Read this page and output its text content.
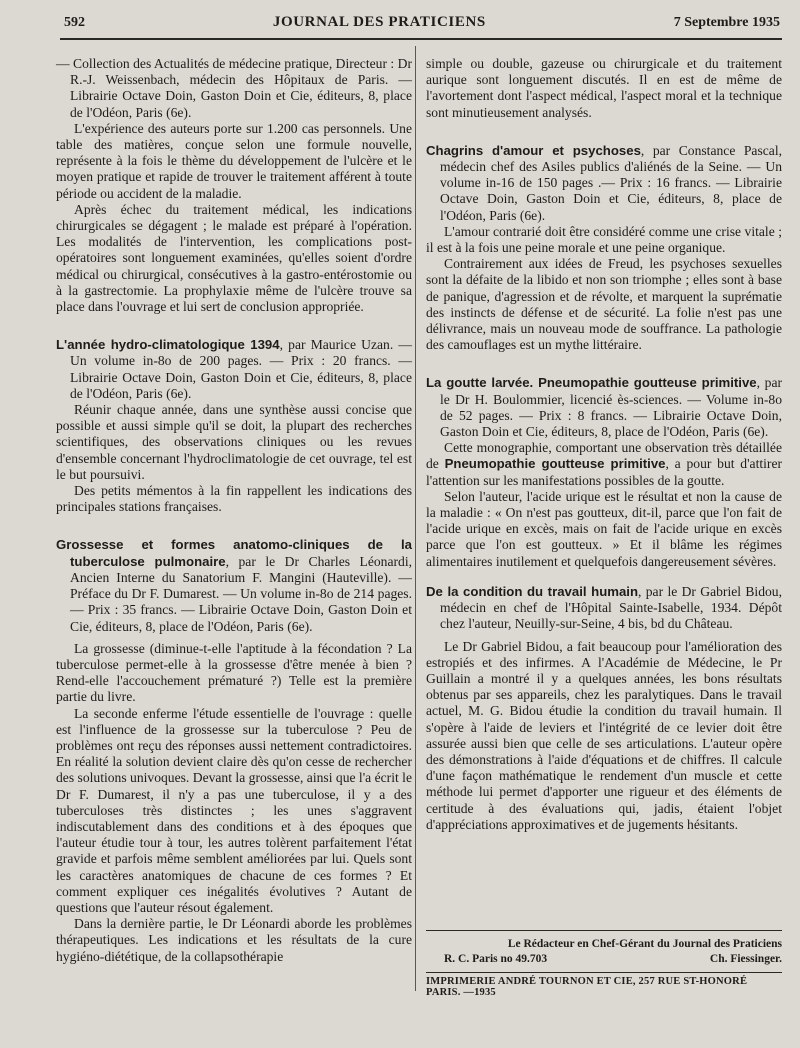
592	JOURNAL DES PRATICIENS	7 Septembre 1935

— Collection des Actualités de médecine pratique, Directeur : Dr R.-J. Weissenbach, médecin des Hôpitaux de Paris. — Librairie Octave Doin, Gaston Doin et Cie, éditeurs, 8, place de l'Odéon, Paris (6e).

L'expérience des auteurs porte sur 1.200 cas personnels. Une table des matières, conçue selon une formule nouvelle, représente à la fois le thème du développement de l'ulcère et le moyen pratique et rapide de trouver le traitement afférent à toute période ou accident de la maladie.

Après échec du traitement médical, les indications chirurgicales se dégagent ; le malade est préparé à l'opération. Les modalités de l'intervention, les complications post-opératoires sont longuement examinées, qu'elles soient d'ordre médical ou chirurgical, consécutives à la gastro-entérostomie ou à la gastrectomie. La prophylaxie même de l'ulcère trouve sa place dans l'ouvrage et lui sert de conclusion appropriée.

L'année hydro-climatologique 1394, par Maurice Uzan. — Un volume in-8o de 200 pages. — Prix : 20 francs. — Librairie Octave Doin, Gaston Doin et Cie, éditeurs, 8, place de l'Odéon, Paris (6e).

Réunir chaque année, dans une synthèse aussi concise que possible et aussi simple qu'il se doit, la plupart des recherches scientifiques, des observations cliniques ou les revues d'ensemble concernant l'hydroclimatologie de cet ouvrage, tel est le but poursuivi.

Des petits mémentos à la fin rappellent les indications des principales stations françaises.

Grossesse et formes anatomo-cliniques de la tuberculose pulmonaire, par le Dr Charles Léonardi, Ancien Interne du Sanatorium F. Mangini (Hauteville). — Préface du Dr F. Dumarest. — Un volume in-8o de 214 pages. — Prix : 35 francs. — Librairie Octave Doin, Gaston Doin et Cie, éditeurs, 8, place de l'Odéon, Paris (6e).

La grossesse (diminue-t-elle l'aptitude à la fécondation ? La tuberculose permet-elle à la grossesse d'être menée à bien ? Rend-elle l'accouchement prématuré ?) Telle est la première partie du livre.

La seconde enferme l'étude essentielle de l'ouvrage : quelle est l'influence de la grossesse sur la tuberculose ? Peu de problèmes ont reçu des réponses aussi nettement contradictoires. En réalité la solution devient claire dès qu'on cesse de rechercher des solutions univoques. Devant la grossesse, ainsi que l'a écrit le Dr F. Dumarest, il n'y a pas une tuberculose, il y a des tuberculoses très distinctes ; les unes s'aggravent indiscutablement dans des conditions et à des époques que l'auteur étudie tour à tour, les autres tolèrent parfaitement l'état gravide et parfois même semblent améliorées par lui. Quels sont les caractères anatomiques de chacune de ces formes ? Et comment expliquer ces inégalités évolutives ? Autant de questions que l'auteur résout également.

Dans la dernière partie, le Dr Léonardi aborde les problèmes thérapeutiques. Les indications et les résultats de la cure hygiéno-diététique, de la collapsothérapie

simple ou double, gazeuse ou chirurgicale et du traitement aurique sont longuement discutés. Il en est de même de l'avortement dont l'aspect médical, l'aspect moral et la technique sont minutieusement analysés.

Chagrins d'amour et psychoses, par Constance Pascal, médecin chef des Asiles publics d'aliénés de la Seine. — Un volume in-16 de 150 pages .— Prix : 16 francs. — Librairie Octave Doin, Gaston Doin et Cie, éditeurs, 8, place de l'Odéon, Paris (6e).

L'amour contrarié doit être considéré comme une crise vitale ; il est à la fois une peine morale et une peine organique.

Contrairement aux idées de Freud, les psychoses sexuelles sont la défaite de la libido et non son triomphe ; elles sont à base de panique, d'agression et de révolte, et marquent la suprématie des instincts de défense et de sécurité. La folie n'est pas une délivrance, mais un nouveau mode de souffrance. La pathologie des camouflages est un mythe littéraire.

La goutte larvée. Pneumopathie goutteuse primitive, par le Dr H. Boulommier, licencié ès-sciences. — Volume in-8o de 52 pages. — Prix : 8 francs. — Librairie Octave Doin, Gaston Doin et Cie, éditeurs, 8, place de l'Odéon, Paris (6e).

Cette monographie, comportant une observation très détaillée de Pneumopathie goutteuse primitive, a pour but d'attirer l'attention sur les manifestations possibles de la goutte.

Selon l'auteur, l'acide urique est le résultat et non la cause de la maladie : « On n'est pas goutteux, dit-il, parce que l'on fait de l'acide urique en excès, mais on fait de l'acide urique en excès parce que l'on est goutteux. » Et il blâme les régimes alimentaires inutilement et quelquefois dangereusement sévères.

De la condition du travail humain, par le Dr Gabriel Bidou, médecin en chef de l'Hôpital Sainte-Isabelle, 1934. Dépôt chez l'auteur, Neuilly-sur-Seine, 4 bis, bd du Château.

Le Dr Gabriel Bidou, a fait beaucoup pour l'amélioration des estropiés et des infirmes. A l'Académie de Médecine, le Pr Guillain a montré il y a quelques années, les bons résultats obtenus par ses appareils, chez les paralytiques. Dans le travail actuel, M. G. Bidou étudie la condition du travail humain. Il s'opère à l'aide de leviers et l'intégrité de ce levier doit être assurée aussi bien que celle de ses articulations. L'auteur opère des démonstrations à l'aide d'équations et de chiffres. Il calcule d'une façon mathématique le rendement d'un muscle et cette méthode lui permet d'apporter une rigueur et des éléments de certitude à des évaluations qui, jadis, étaient l'objet d'appréciations approximatives et de jugements hésitants.

Le Rédacteur en Chef-Gérant du Journal des Praticiens
R. C. Paris no 49.703	Ch. Fiessinger.
IMPRIMERIE ANDRÉ TOURNON ET CIE, 257 RUE ST-HONORÉ PARIS. —1935
